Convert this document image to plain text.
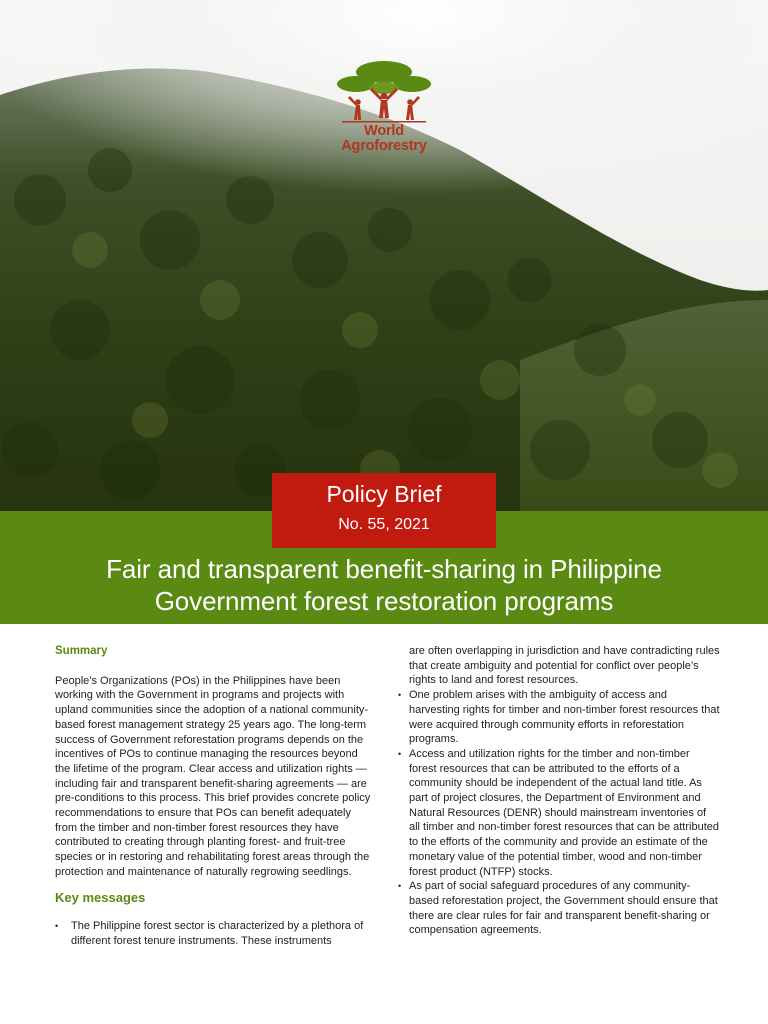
World
Agroforestry
Policy Brief
No. 55, 2021
Fair and transparent benefit-sharing in Philippine
Government forest restoration programs

Summary

People’s Organizations (POs) in the Philippines have been working with the Government in programs and projects with upland communities since the adoption of a national community-based forest management strategy 25 years ago. The long-term success of Government reforestation programs depends on the incentives of POs to continue managing the resources beyond the lifetime of the program. Clear access and utilization rights — including fair and transparent benefit-sharing agreements — are pre-conditions to this process. This brief provides concrete policy recommendations to ensure that POs can benefit adequately from the timber and non-timber forest resources they have contributed to creating through planting forest- and fruit-tree species or in restoring and rehabilitating forest areas through the protection and maintenance of naturally regrowing seedlings.

Key messages

• The Philippine forest sector is characterized by a plethora of different forest tenure instruments. These instruments
are often overlapping in jurisdiction and have contradicting rules that create ambiguity and potential for conflict over people’s rights to land and forest resources.
• One problem arises with the ambiguity of access and harvesting rights for timber and non-timber forest resources that were acquired through community efforts in reforestation programs.
• Access and utilization rights for the timber and non-timber forest resources that can be attributed to the efforts of a community should be independent of the actual land title. As part of project closures, the Department of Environment and Natural Resources (DENR) should mainstream inventories of all timber and non-timber forest resources that can be attributed to the efforts of the community and provide an estimate of the monetary value of the potential timber, wood and non-timber forest product (NTFP) stocks.
• As part of social safeguard procedures of any community-based reforestation project, the Government should ensure that there are clear rules for fair and transparent benefit-sharing or compensation agreements.
